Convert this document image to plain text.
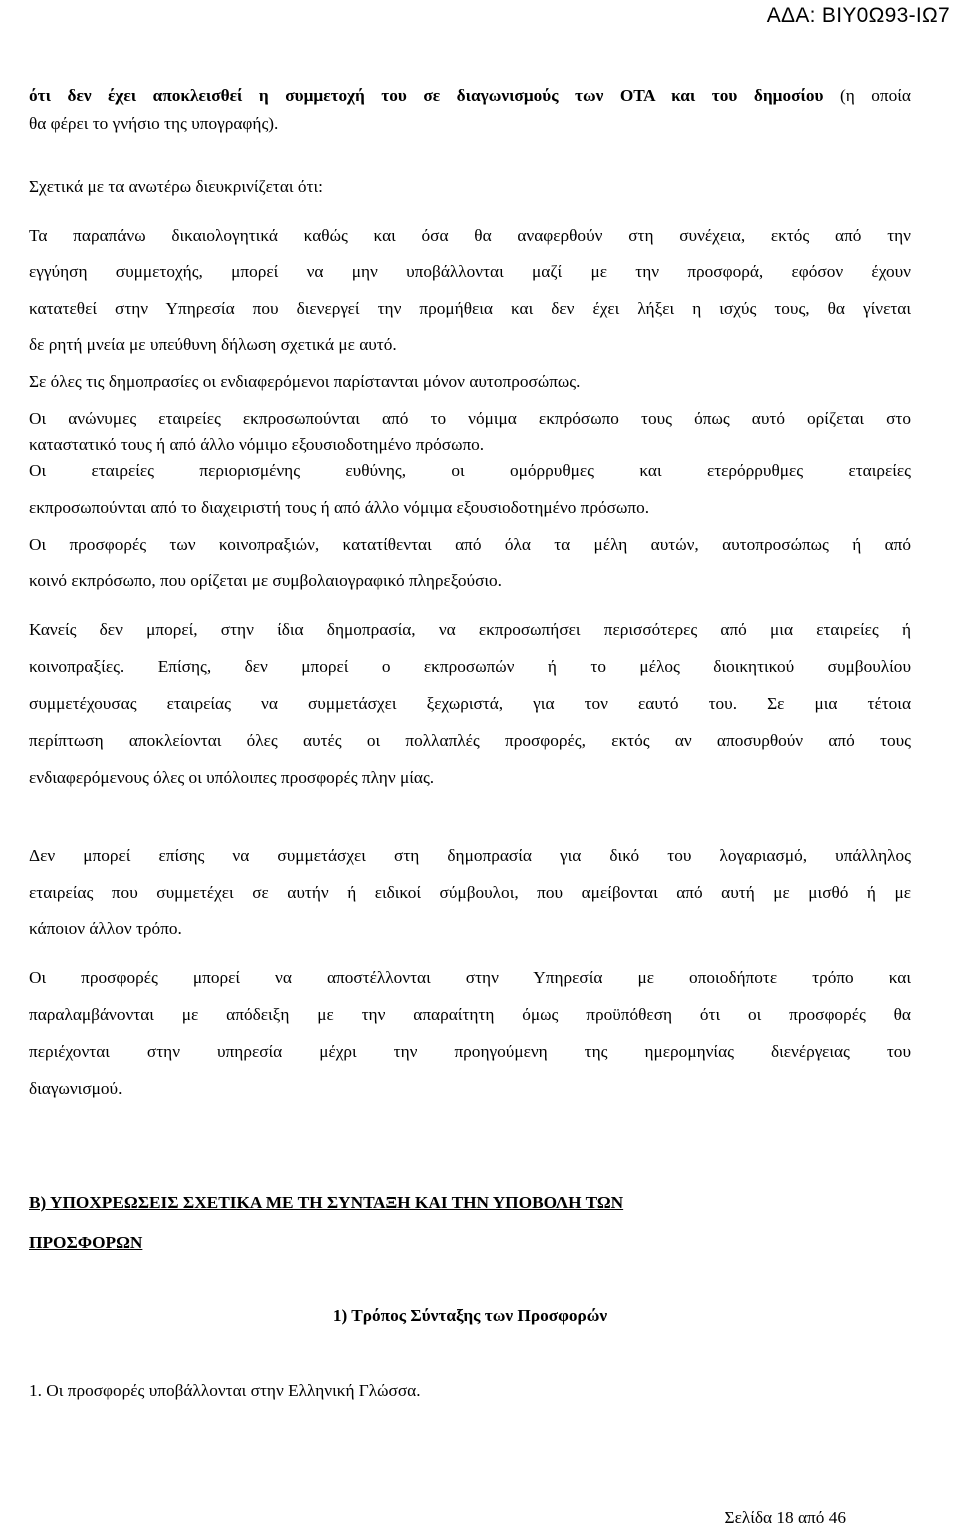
ΑΔΑ: ΒΙΥ0Ω93-ΙΩ7

ότι δεν έχει αποκλεισθεί η συμμετοχή του σε διαγωνισμούς των ΟΤΑ και του δημοσίου (η οποία

θα φέρει το γνήσιο της υπογραφής).

Σχετικά με τα ανωτέρω διευκρινίζεται ότι:

Τα παραπάνω δικαιολογητικά καθώς και όσα θα αναφερθούν στη συνέχεια, εκτός από την

εγγύηση συμμετοχής, μπορεί να μην υποβάλλονται μαζί με την προσφορά, εφόσον έχουν

κατατεθεί στην Υπηρεσία που διενεργεί την προμήθεια και δεν έχει λήξει η ισχύς τους, θα γίνεται

δε ρητή μνεία με υπεύθυνη δήλωση σχετικά με αυτό.

Σε όλες τις δημοπρασίες οι ενδιαφερόμενοι παρίστανται μόνον αυτοπροσώπως.

Οι ανώνυμες εταιρείες εκπροσωπούνται από το νόμιμα εκπρόσωπο τους όπως αυτό ορίζεται στο

καταστατικό τους ή από άλλο νόμιμο εξουσιοδοτημένο πρόσωπο.

Οι εταιρείες περιορισμένης ευθύνης, οι ομόρρυθμες και ετερόρρυθμες εταιρείες

εκπροσωπούνται από το διαχειριστή τους ή από άλλο νόμιμα εξουσιοδοτημένο πρόσωπο.

Οι προσφορές των κοινοπραξιών, κατατίθενται από όλα τα μέλη αυτών, αυτοπροσώπως ή από

κοινό εκπρόσωπο, που ορίζεται με συμβολαιογραφικό πληρεξούσιο.

Κανείς δεν μπορεί, στην ίδια δημοπρασία, να εκπροσωπήσει περισσότερες από μια εταιρείες ή

κοινοπραξίες. Επίσης, δεν μπορεί ο εκπροσωπών ή το μέλος διοικητικού συμβουλίου

συμμετέχουσας εταιρείας να συμμετάσχει ξεχωριστά, για τον εαυτό του. Σε μια τέτοια

περίπτωση αποκλείονται όλες αυτές οι πολλαπλές προσφορές, εκτός αν αποσυρθούν από τους

ενδιαφερόμενους όλες οι υπόλοιπες προσφορές πλην μίας.

Δεν μπορεί επίσης να συμμετάσχει στη δημοπρασία για δικό του λογαριασμό, υπάλληλος

εταιρείας που συμμετέχει σε αυτήν ή ειδικοί σύμβουλοι, που αμείβονται από αυτή με μισθό ή με

κάποιον άλλον τρόπο.

Οι προσφορές μπορεί να αποστέλλονται στην Υπηρεσία με οποιοδήποτε τρόπο και

παραλαμβάνονται με απόδειξη με την απαραίτητη όμως προϋπόθεση ότι οι προσφορές θα

περιέχονται στην υπηρεσία μέχρι την προηγούμενη της ημερομηνίας διενέργειας του

διαγωνισμού.

Β) ΥΠΟΧΡΕΩΣΕΙΣ ΣΧΕΤΙΚΑ ΜΕ ΤΗ ΣΥΝΤΑΞΗ ΚΑΙ ΤΗΝ ΥΠΟΒΟΛΗ ΤΩΝ

ΠΡΟΣΦΟΡΩΝ

1) Τρόπος Σύνταξης των Προσφορών

1. Οι προσφορές υποβάλλονται στην Ελληνική Γλώσσα.

Σελίδα 18 από 46
